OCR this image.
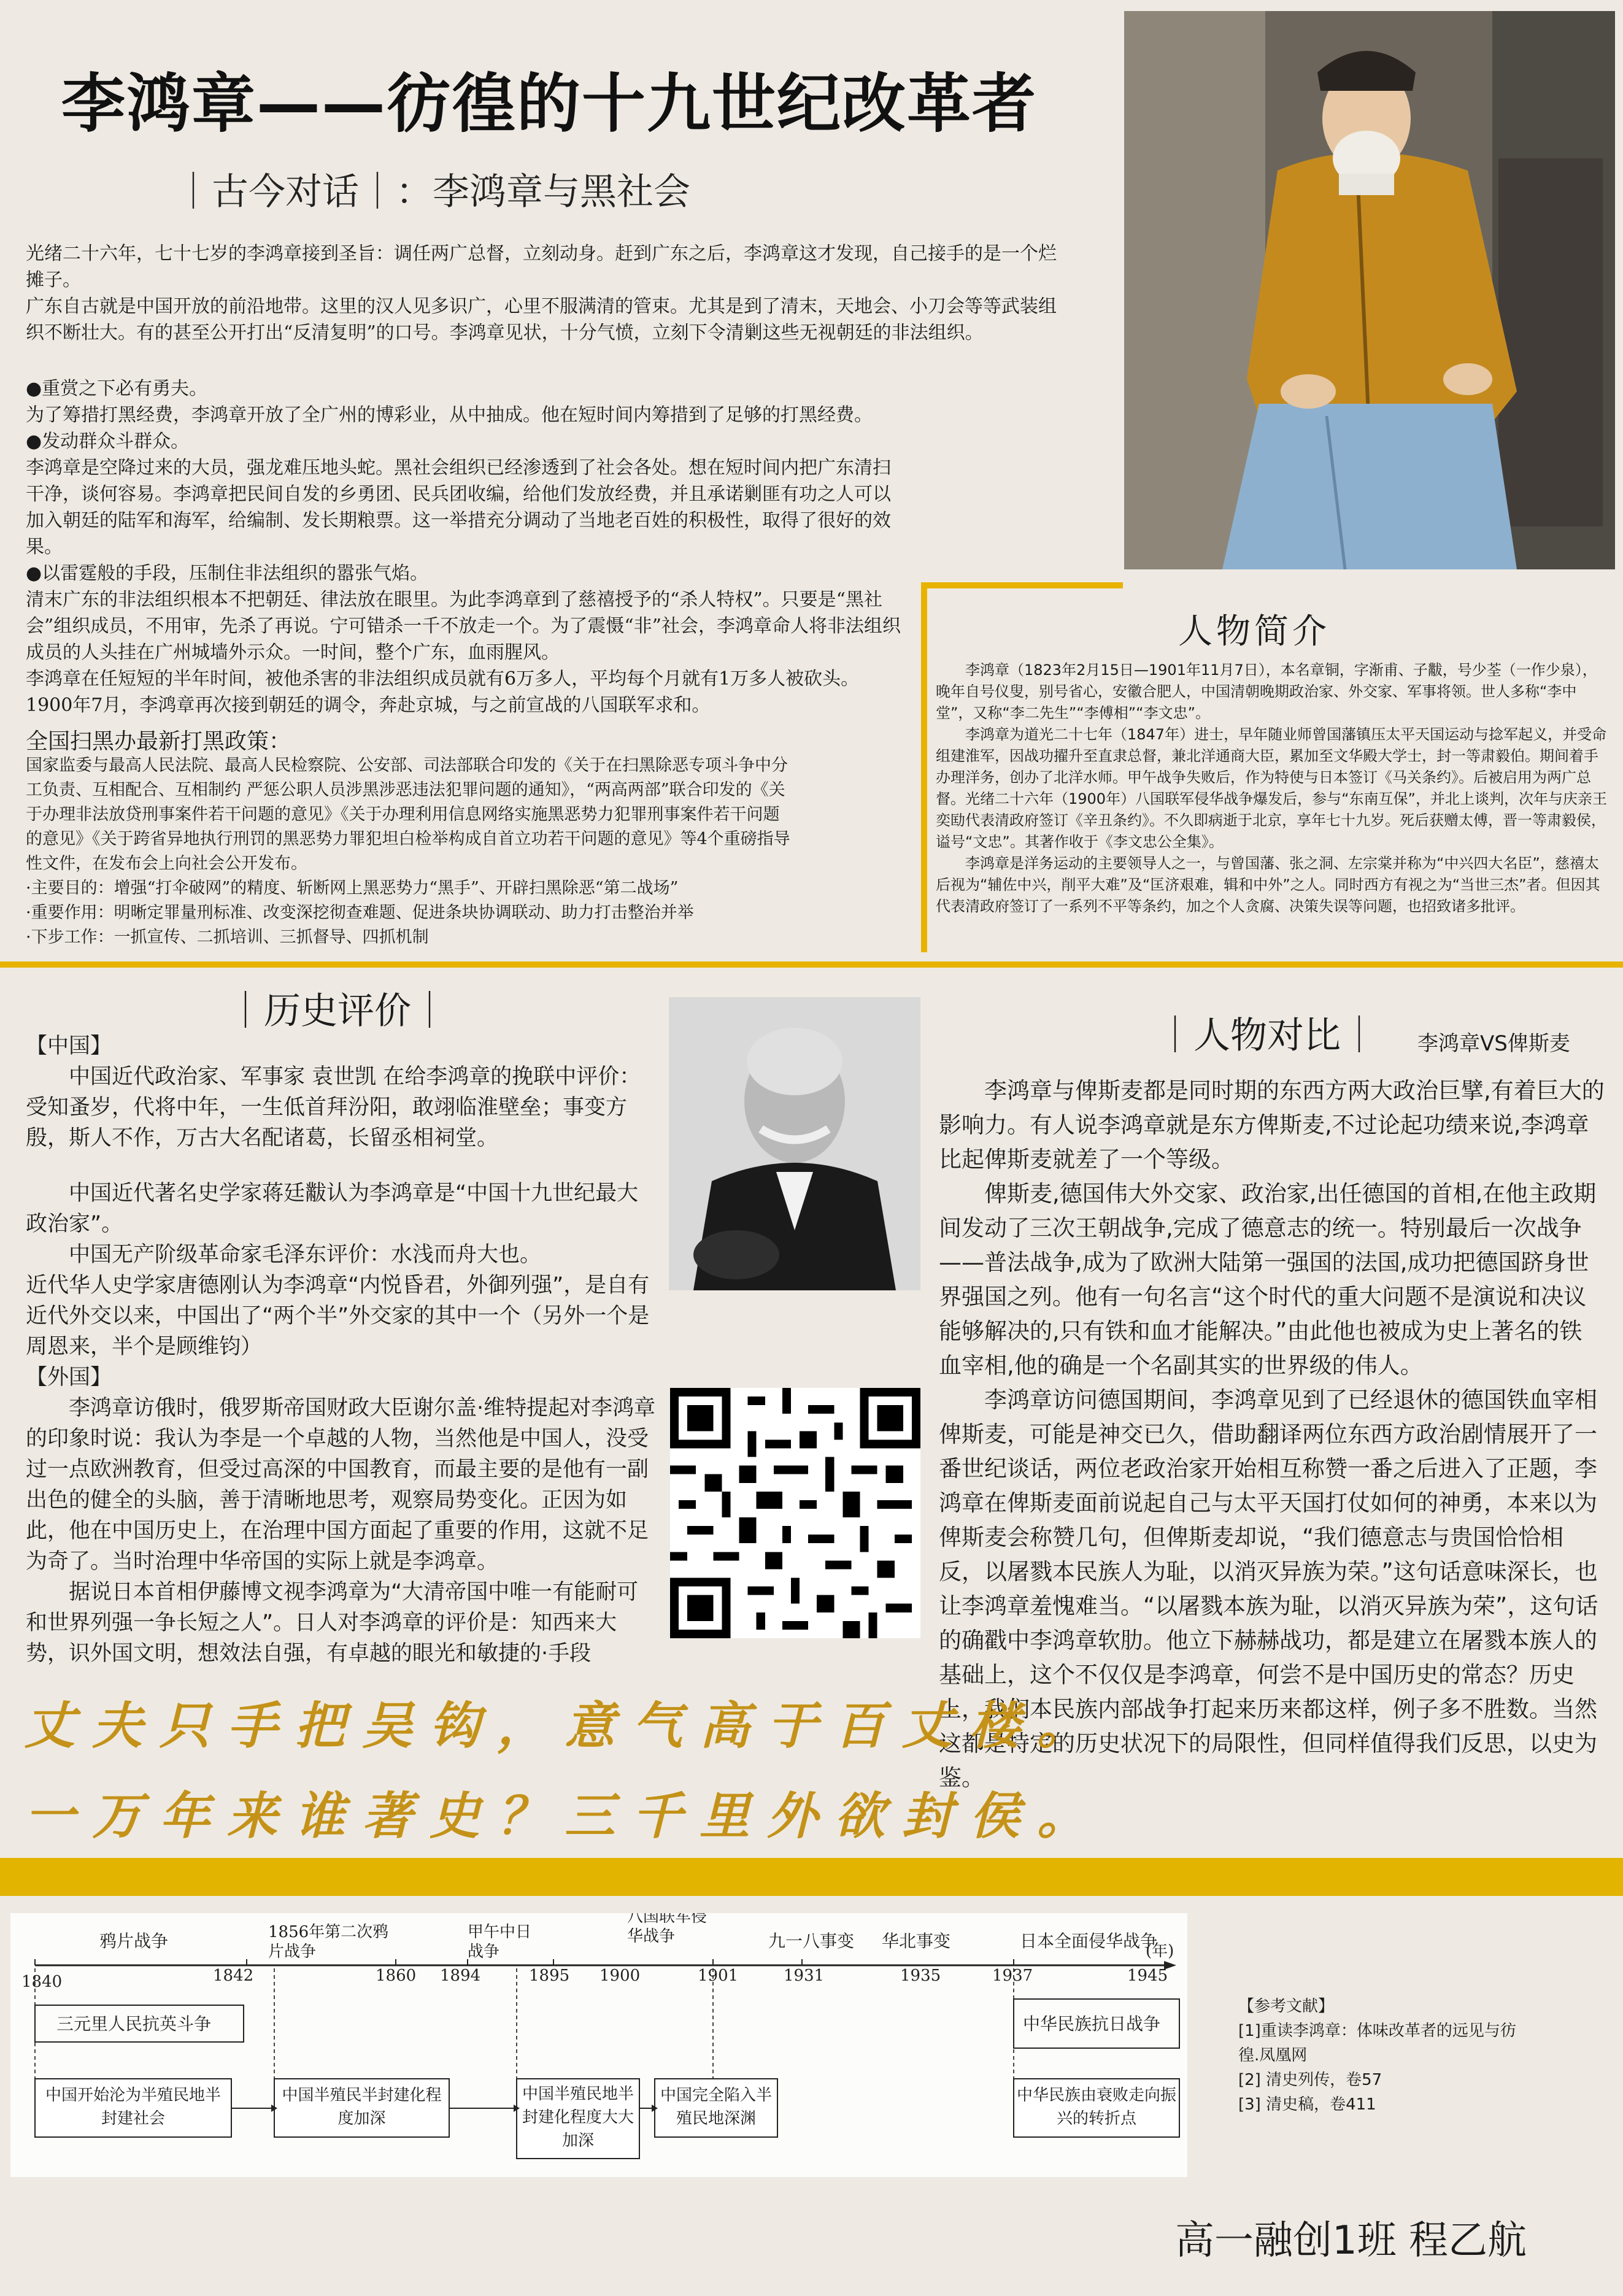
李鸿章——彷徨的十九世纪改革者
｜古今对话｜：李鸿章与黑社会

光绪二十六年，七十七岁的李鸿章接到圣旨：调任两广总督，立刻动身。赶到广东之后，李鸿章这才发现，自己接手的是一个烂摊子。

广东自古就是中国开放的前沿地带。这里的汉人见多识广，心里不服满清的管束。尤其是到了清末，天地会、小刀会等等武装组织不断壮大。有的甚至公开打出“反清复明”的口号。李鸿章见状，十分气愤，立刻下令清剿这些无视朝廷的非法组织。

●重赏之下必有勇夫。

为了筹措打黑经费，李鸿章开放了全广州的博彩业，从中抽成。他在短时间内筹措到了足够的打黑经费。

●发动群众斗群众。

李鸿章是空降过来的大员，强龙难压地头蛇。黑社会组织已经渗透到了社会各处。想在短时间内把广东清扫干净，谈何容易。李鸿章把民间自发的乡勇团、民兵团收编，给他们发放经费，并且承诺剿匪有功之人可以加入朝廷的陆军和海军，给编制、发长期粮票。这一举措充分调动了当地老百姓的积极性，取得了很好的效果。

●以雷霆般的手段，压制住非法组织的嚣张气焰。

清末广东的非法组织根本不把朝廷、律法放在眼里。为此李鸿章到了慈禧授予的“杀人特权”。只要是“黑社会”组织成员，不用审，先杀了再说。宁可错杀一千不放走一个。为了震慑“非”社会，李鸿章命人将非法组织成员的人头挂在广州城墙外示众。一时间，整个广东，血雨腥风。

李鸿章在任短短的半年时间，被他杀害的非法组织成员就有6万多人，平均每个月就有1万多人被砍头。

1900年7月，李鸿章再次接到朝廷的调令，奔赴京城，与之前宣战的八国联军求和。

全国扫黑办最新打黑政策：

国家监委与最高人民法院、最高人民检察院、公安部、司法部联合印发的《关于在扫黑除恶专项斗争中分工负责、互相配合、互相制约 严惩公职人员涉黑涉恶违法犯罪问题的通知》，“两高两部”联合印发的《关于办理非法放贷刑事案件若干问题的意见》《关于办理利用信息网络实施黑恶势力犯罪刑事案件若干问题的意见》《关于跨省异地执行刑罚的黑恶势力罪犯坦白检举构成自首立功若干问题的意见》等4个重磅指导性文件，在发布会上向社会公开发布。

·主要目的：增强“打伞破网”的精度、斩断网上黑恶势力“黑手”、开辟扫黑除恶“第二战场”

·重要作用：明晰定罪量刑标准、改变深挖彻查难题、促进条块协调联动、助力打击整治并举

·下步工作：一抓宣传、二抓培训、三抓督导、四抓机制

人物简介

李鸿章（1823年2月15日—1901年11月7日），本名章铜，字渐甫、子黻，号少荃（一作少泉），晚年自号仪叟，别号省心，安徽合肥人，中国清朝晚期政治家、外交家、军事将领。世人多称“李中堂”，又称“李二先生”“李傅相”“李文忠”。

李鸿章为道光二十七年（1847年）进士，早年随业师曾国藩镇压太平天国运动与捻军起义，并受命组建淮军，因战功擢升至直隶总督，兼北洋通商大臣，累加至文华殿大学士，封一等肃毅伯。期间着手办理洋务，创办了北洋水师。甲午战争失败后，作为特使与日本签订《马关条约》。后被启用为两广总督。光绪二十六年（1900年）八国联军侵华战争爆发后，参与“东南互保”，并北上谈判，次年与庆亲王奕劻代表清政府签订《辛丑条约》。不久即病逝于北京，享年七十九岁。死后获赠太傅，晋一等肃毅侯，谥号“文忠”。其著作收于《李文忠公全集》。

李鸿章是洋务运动的主要领导人之一，与曾国藩、张之洞、左宗棠并称为“中兴四大名臣”，慈禧太后视为“辅佐中兴，削平大难”及“匡济艰难，辑和中外”之人。同时西方有视之为“当世三杰”者。但因其代表清政府签订了一系列不平等条约，加之个人贪腐、决策失误等问题，也招致诸多批评。

｜历史评价｜

【中国】

中国近代政治家、军事家 袁世凯 在给李鸿章的挽联中评价：受知蚤岁，代将中年，一生低首拜汾阳，敢翊临淮壁垒；事变方殷，斯人不作，万古大名配诸葛，长留丞相祠堂。

中国近代著名史学家蒋廷黻认为李鸿章是“中国十九世纪最大政治家”。

中国无产阶级革命家毛泽东评价：水浅而舟大也。

近代华人史学家唐德刚认为李鸿章“内悦昏君，外御列强”，是自有近代外交以来，中国出了“两个半”外交家的其中一个（另外一个是周恩来，半个是顾维钧）

【外国】

李鸿章访俄时，俄罗斯帝国财政大臣谢尔盖·维特提起对李鸿章的印象时说：我认为李是一个卓越的人物，当然他是中国人，没受过一点欧洲教育，但受过高深的中国教育，而最主要的是他有一副出色的健全的头脑，善于清晰地思考，观察局势变化。正因为如此，他在中国历史上，在治理中国方面起了重要的作用，这就不足为奇了。当时治理中华帝国的实际上就是李鸿章。

据说日本首相伊藤博文视李鸿章为“大清帝国中唯一有能耐可和世界列强一争长短之人”。日人对李鸿章的评价是：知西来大势，识外国文明，想效法自强，有卓越的眼光和敏捷的·手段

｜人物对比｜ 李鸿章VS俾斯麦

李鸿章与俾斯麦都是同时期的东西方两大政治巨擘,有着巨大的影响力。有人说李鸿章就是东方俾斯麦,不过论起功绩来说,李鸿章比起俾斯麦就差了一个等级。

俾斯麦,德国伟大外交家、政治家,出任德国的首相,在他主政期间发动了三次王朝战争,完成了德意志的统一。特别最后一次战争——普法战争,成为了欧洲大陆第一强国的法国,成功把德国跻身世界强国之列。他有一句名言“这个时代的重大问题不是演说和决议能够解决的,只有铁和血才能解决。”由此他也被成为史上著名的铁血宰相,他的确是一个名副其实的世界级的伟人。

李鸿章访问德国期间，李鸿章见到了已经退休的德国铁血宰相俾斯麦，可能是神交已久，借助翻译两位东西方政治剧情展开了一番世纪谈话，两位老政治家开始相互称赞一番之后进入了正题，李鸿章在俾斯麦面前说起自己与太平天国打仗如何的神勇，本来以为俾斯麦会称赞几句，但俾斯麦却说，“我们德意志与贵国恰恰相反，以屠戮本民族人为耻，以消灭异族为荣。”这句话意味深长，也让李鸿章羞愧难当。“以屠戮本族为耻，以消灭异族为荣”，这句话的确戳中李鸿章软肋。他立下赫赫战功，都是建立在屠戮本族人的基础上，这个不仅仅是李鸿章，何尝不是中国历史的常态？历史上，我们本民族内部战争打起来历来都这样，例子多不胜数。当然这都是特定的历史状况下的局限性，但同样值得我们反思，以史为鉴。

丈夫只手把吴钩，意气高于百丈楼。
一万年来谁著史？三千里外欲封侯。
1840	1842	1860 1894	1895 1900	1901	1931	1935	1937	1945
(年)
鸦片战争	1856年第二次鸦片战争
甲午中日战争
八国联军侵华战争	九一八事变 华北事变	日本全面侵华战争
三元里人民抗英斗争	中华民族抗日战争
中国开始沦为半殖民地半封建社会
中国半殖民半封建化程度加深
中国半殖民地半封建化程度大大加深
中国完全陷入半殖民地深渊
中华民族由衰败走向振兴的转折点

【参考文献】

[1]重读李鸿章：体味改革者的远见与彷徨.凤凰网

[2] 清史列传，卷57

[3] 清史稿，卷411

高一融创1班 程乙航
